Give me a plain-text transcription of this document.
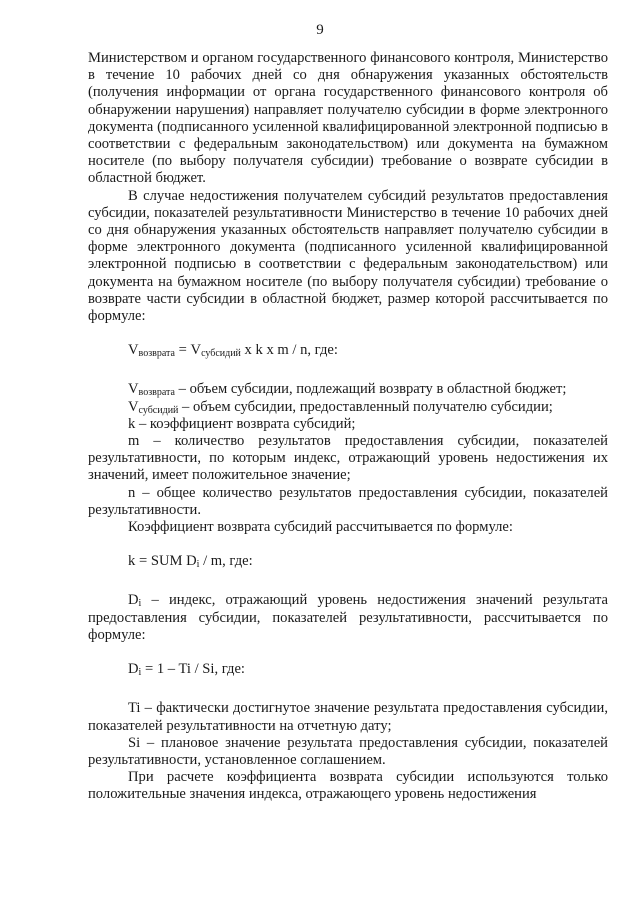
9

Министерством и органом государственного финансового контроля, Министерство в течение 10 рабочих дней со дня обнаружения указанных обстоятельств (получения информации от органа государственного финансового контроля об обнаружении нарушения) направляет получателю субсидии в форме электронного документа (подписанного усиленной квалифицированной электронной подписью в соответствии с федеральным законодательством) или документа на бумажном носителе (по выбору получателя субсидии) требование о возврате субсидии в областной бюджет.

В случае недостижения получателем субсидий результатов предоставления субсидии, показателей результативности Министерство в течение 10 рабочих дней со дня обнаружения указанных обстоятельств направляет получателю субсидии в форме электронного документа (подписанного усиленной квалифицированной электронной подписью в соответствии с федеральным законодательством) или документа на бумажном носителе (по выбору получателя субсидии) требование о возврате части субсидии в областной бюджет, размер которой рассчитывается по формуле:

$V_{возврата} = V_{субсидий}$ x k x m / n, где:

$V_{возврата}$ – объем субсидии, подлежащий возврату в областной бюджет;

$V_{субсидий}$ – объем субсидии, предоставленный получателю субсидии;

k – коэффициент возврата субсидий;

m – количество результатов предоставления субсидии, показателей результативности, по которым индекс, отражающий уровень недостижения их значений, имеет положительное значение;

n – общее количество результатов предоставления субсидии, показателей результативности.

Коэффициент возврата субсидий рассчитывается по формуле:

k = SUM $D_i$ / m, где:

$D_i$ – индекс, отражающий уровень недостижения значений результата предоставления субсидии, показателей результативности, рассчитывается по формуле:

$D_i = 1 - Ti / Si$, где:

Ti – фактически достигнутое значение результата предоставления субсидии, показателей результативности на отчетную дату;

Si – плановое значение результата предоставления субсидии, показателей результативности, установленное соглашением.

При расчете коэффициента возврата субсидии используются только положительные значения индекса, отражающего уровень недостижения
